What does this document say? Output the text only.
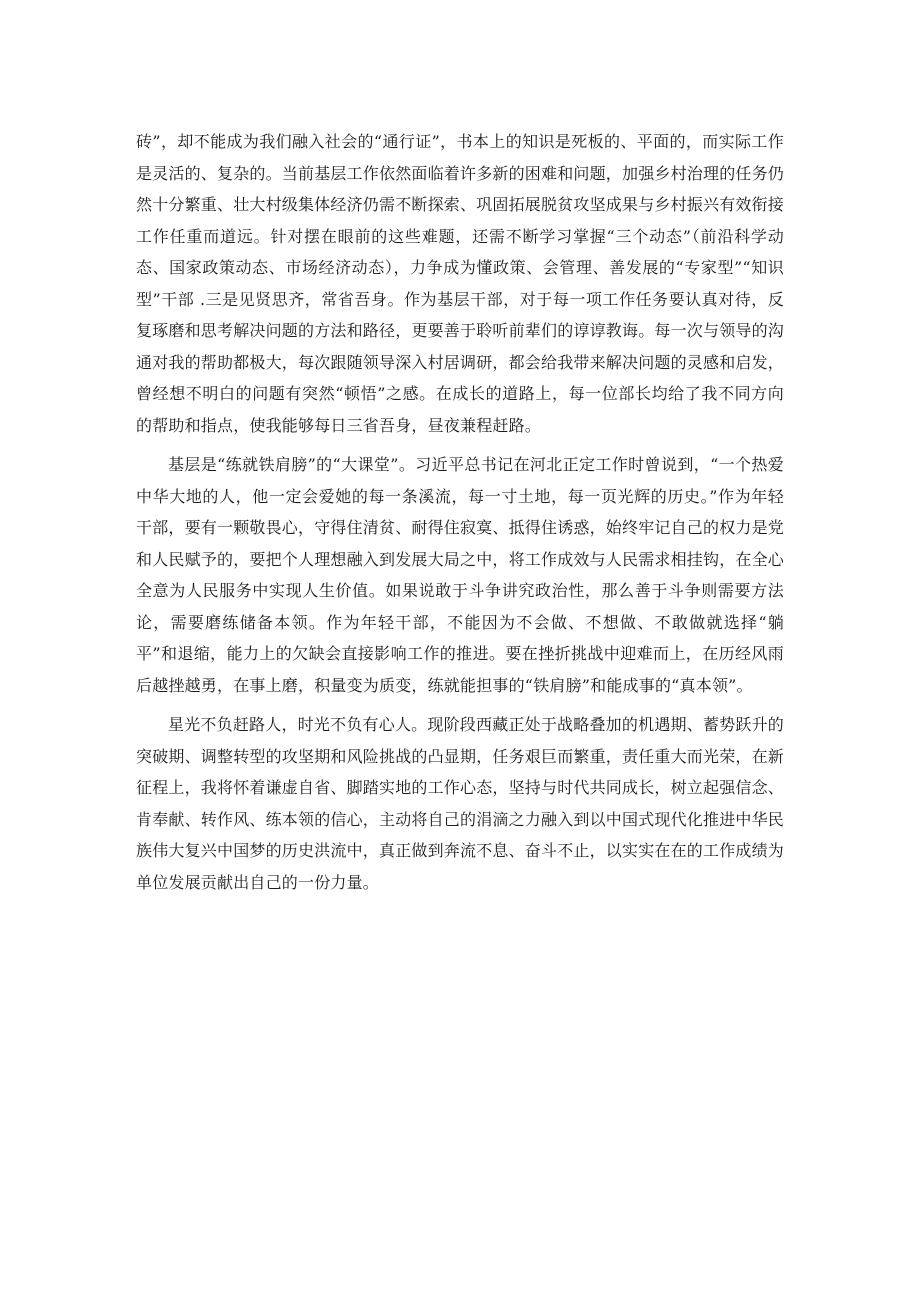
砖”，却不能成为我们融入社会的“通行证”，书本上的知识是死板的、平面的，而实际工作是灵活的、复杂的。当前基层工作依然面临着许多新的困难和问题，加强乡村治理的任务仍然十分繁重、壮大村级集体经济仍需不断探索、巩固拓展脱贫攻坚成果与乡村振兴有效衔接工作任重而道远。针对摆在眼前的这些难题，还需不断学习掌握“三个动态”（前沿科学动态、国家政策动态、市场经济动态），力争成为懂政策、会管理、善发展的“专家型”“知识型”干部 .三是见贤思齐，常省吾身。作为基层干部，对于每一项工作任务要认真对待，反复琢磨和思考解决问题的方法和路径，更要善于聆听前辈们的谆谆教诲。每一次与领导的沟通对我的帮助都极大，每次跟随领导深入村居调研，都会给我带来解决问题的灵感和启发，曾经想不明白的问题有突然“顿悟”之感。在成长的道路上，每一位部长均给了我不同方向的帮助和指点，使我能够每日三省吾身，昼夜兼程赶路。

基层是“练就铁肩膀”的“大课堂”。习近平总书记在河北正定工作时曾说到，“一个热爱中华大地的人，他一定会爱她的每一条溪流，每一寸土地，每一页光辉的历史。”作为年轻干部，要有一颗敬畏心，守得住清贫、耐得住寂寞、抵得住诱惑，始终牢记自己的权力是党和人民赋予的，要把个人理想融入到发展大局之中，将工作成效与人民需求相挂钩，在全心全意为人民服务中实现人生价值。如果说敢于斗争讲究政治性，那么善于斗争则需要方法论，需要磨练储备本领。作为年轻干部，不能因为不会做、不想做、不敢做就选择“躺平”和退缩，能力上的欠缺会直接影响工作的推进。要在挫折挑战中迎难而上，在历经风雨后越挫越勇，在事上磨，积量变为质变，练就能担事的“铁肩膀”和能成事的“真本领”。

星光不负赶路人，时光不负有心人。现阶段西藏正处于战略叠加的机遇期、蓄势跃升的突破期、调整转型的攻坚期和风险挑战的凸显期，任务艰巨而繁重，责任重大而光荣，在新征程上，我将怀着谦虚自省、脚踏实地的工作心态，坚持与时代共同成长，树立起强信念、肯奉献、转作风、练本领的信心，主动将自己的涓滴之力融入到以中国式现代化推进中华民族伟大复兴中国梦的历史洪流中，真正做到奔流不息、奋斗不止，以实实在在的工作成绩为单位发展贡献出自己的一份力量。
